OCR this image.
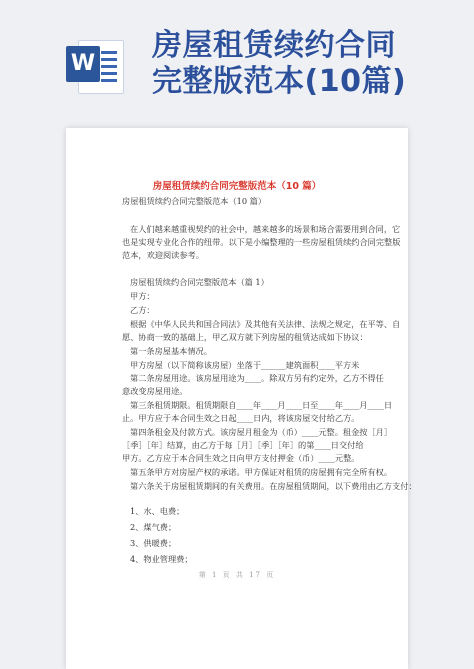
W
房屋租赁续约合同
完整版范本(10篇)
房屋租赁续约合同完整版范本（10 篇）
房屋租赁续约合同完整版范本（10 篇）
在人们越来越重视契约的社会中，越来越多的场景和场合需要用到合同，它
也是实现专业化合作的纽带。以下是小编整理的一些房屋租赁续约合同完整版
范本，欢迎阅读参考。
房屋租赁续约合同完整版范本（篇 1）
甲方：
乙方：
根据《中华人民共和国合同法》及其他有关法律、法规之规定，在平等、自
愿、协商一致的基础上，甲乙双方就下列房屋的租赁达成如下协议：
第一条房屋基本情况。
甲方房屋（以下简称该房屋）坐落于______建筑面积____平方米
第二条房屋用途。该房屋用途为____。除双方另有约定外，乙方不得任
意改变房屋用途。
第三条租赁期限。租赁期限自____年____月____日至____年____月____日
止。甲方应于本合同生效之日起____日内，将该房屋交付给乙方。
第四条租金及付款方式。该房屋月租金为（币）____元整。租金按［月］
［季］［年］结算，由乙方于每［月］［季］［年］的第____日交付给
甲方。乙方应于本合同生效之日向甲方支付押金（币）____元整。
第五条甲方对房屋产权的承诺。甲方保证对租赁的房屋拥有完全所有权。
第六条关于房屋租赁期间的有关费用。在房屋租赁期间，以下费用由乙方支付：
1、水、电费；
2、煤气费；
3、供暖费；
4、物业管理费；
第 1 页 共 17 页
